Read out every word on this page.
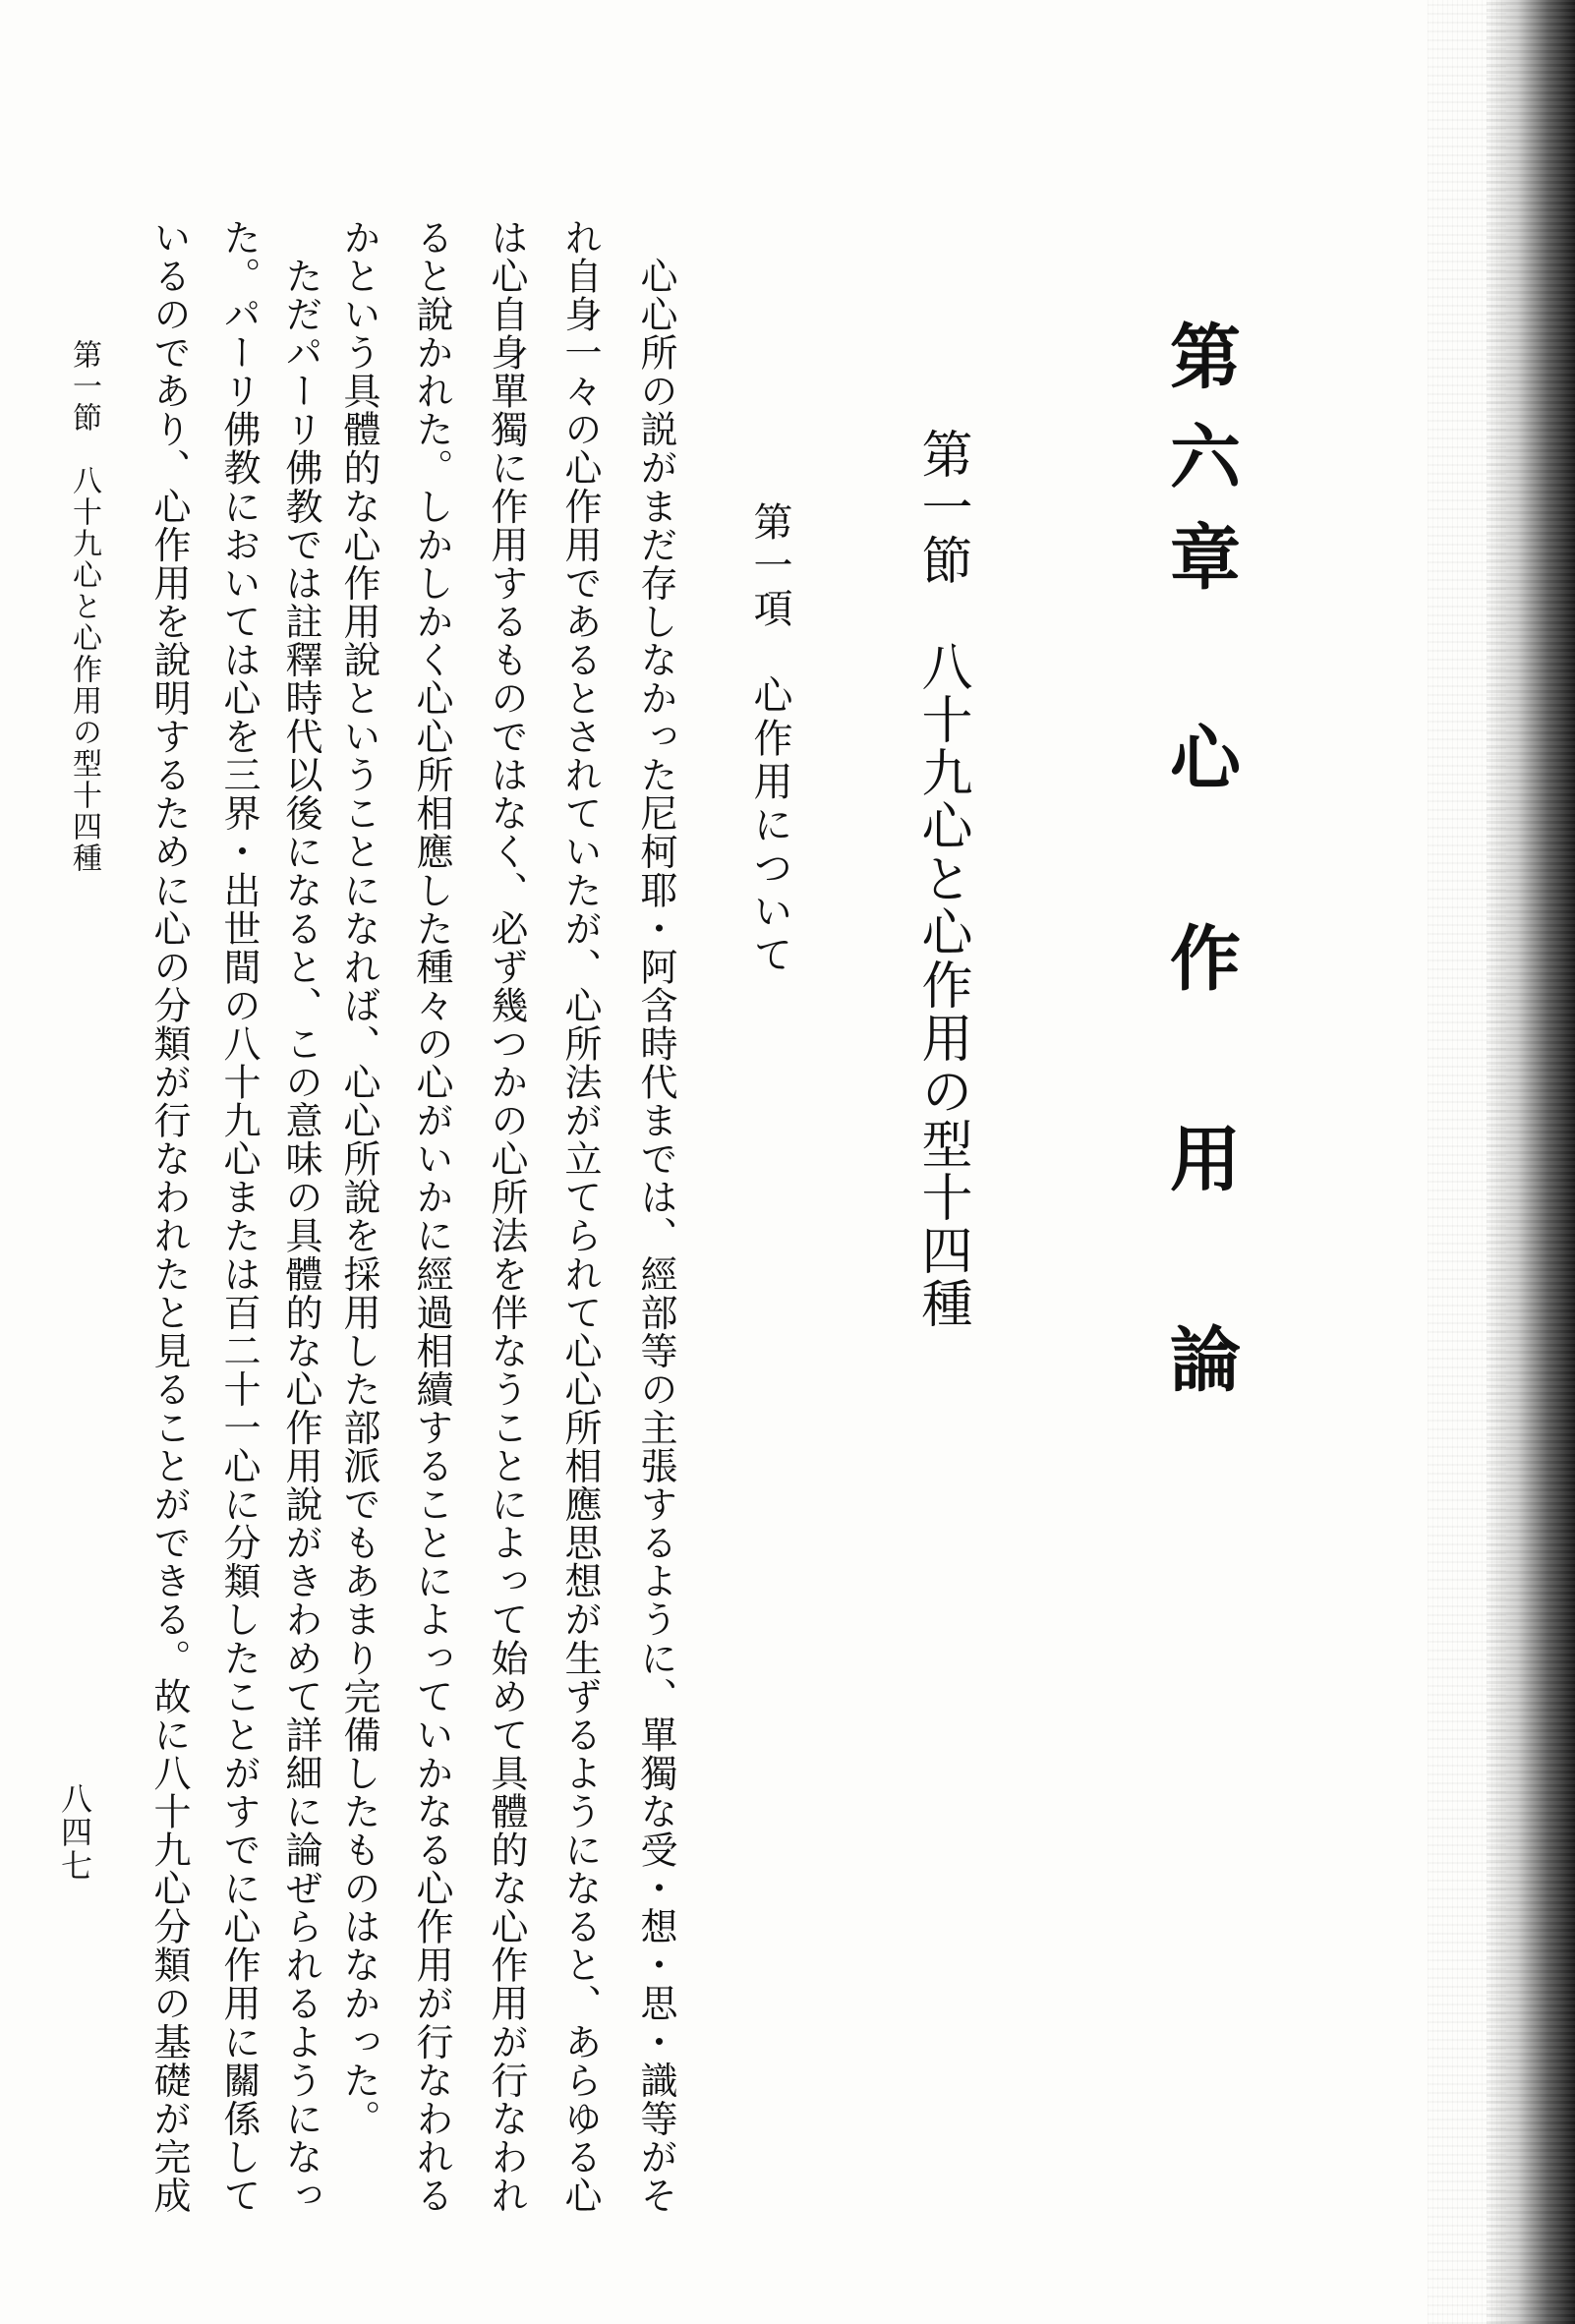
第六章　心　作　用　論
第一節　八十九心と心作用の型十四種
第一項　心作用について
　心心所の説がまだ存しなかった尼柯耶・阿含時代までは、經部等の主張するように、單獨な受・想・思・識等がそ
れ自身一々の心作用であるとされていたが、心所法が立てられて心心所相應思想が生ずるようになると、あらゆる心
は心自身單獨に作用するものではなく、必ず幾つかの心所法を伴なうことによって始めて具體的な心作用が行なわれ
ると說かれた。しかしかく心心所相應した種々の心がいかに經過相續することによっていかなる心作用が行なわれる
かという具體的な心作用說ということになれば、心心所說を採用した部派でもあまり完備したものはなかった。
　ただパーリ佛教では註釋時代以後になると、この意味の具體的な心作用說がきわめて詳細に論ぜられるようになっ
た。パーリ佛教においては心を三界・出世間の八十九心または百二十一心に分類したことがすでに心作用に關係して
いるのであり、心作用を說明するために心の分類が行なわれたと見ることができる。故に八十九心分類の基礎が完成
第一節　八十九心と心作用の型十四種
八四七
